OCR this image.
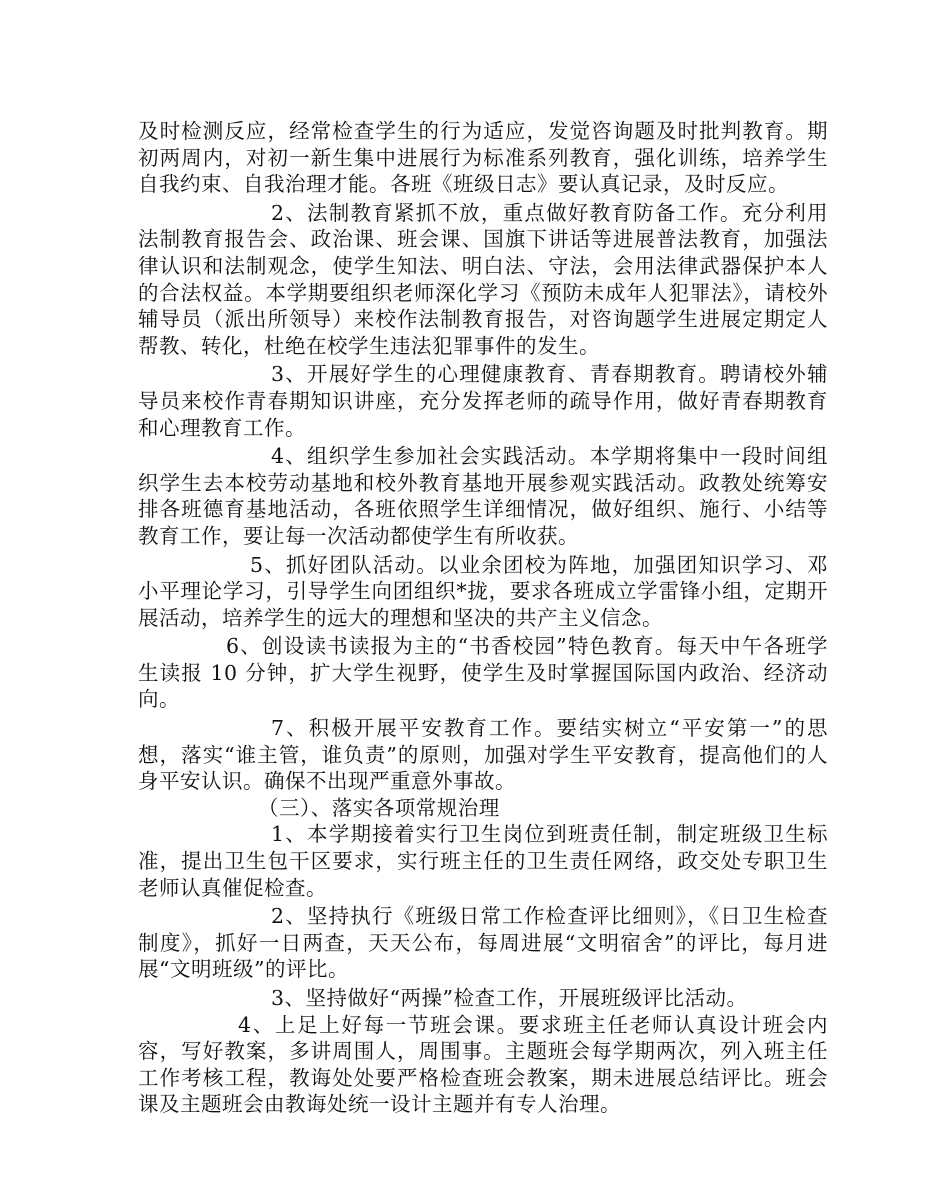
及时检测反应，经常检查学生的行为适应，发觉咨询题及时批判教育。期初两周内，对初一新生集中进展行为标准系列教育，强化训练，培养学生自我约束、自我治理才能。各班《班级日志》要认真记录，及时反应。

2、法制教育紧抓不放，重点做好教育防备工作。充分利用法制教育报告会、政治课、班会课、国旗下讲话等进展普法教育，加强法律认识和法制观念，使学生知法、明白法、守法，会用法律武器保护本人的合法权益。本学期要组织老师深化学习《预防未成年人犯罪法》，请校外辅导员（派出所领导）来校作法制教育报告，对咨询题学生进展定期定人帮教、转化，杜绝在校学生违法犯罪事件的发生。

3、开展好学生的心理健康教育、青春期教育。聘请校外辅导员来校作青春期知识讲座，充分发挥老师的疏导作用，做好青春期教育和心理教育工作。

4、组织学生参加社会实践活动。本学期将集中一段时间组织学生去本校劳动基地和校外教育基地开展参观实践活动。政教处统筹安排各班德育基地活动，各班依照学生详细情况，做好组织、施行、小结等教育工作，要让每一次活动都使学生有所收获。

5、抓好团队活动。以业余团校为阵地，加强团知识学习、邓小平理论学习，引导学生向团组织*拢，要求各班成立学雷锋小组，定期开展活动，培养学生的远大的理想和坚决的共产主义信念。

6、创设读书读报为主的“书香校园”特色教育。每天中午各班学生读报 10 分钟，扩大学生视野，使学生及时掌握国际国内政治、经济动向。

7、积极开展平安教育工作。要结实树立“平安第一”的思想，落实“谁主管，谁负责”的原则，加强对学生平安教育，提高他们的人身平安认识。确保不出现严重意外事故。

（三）、落实各项常规治理

1、本学期接着实行卫生岗位到班责任制，制定班级卫生标准，提出卫生包干区要求，实行班主任的卫生责任网络，政交处专职卫生老师认真催促检查。

2、坚持执行《班级日常工作检查评比细则》，《日卫生检查制度》，抓好一日两查，天天公布，每周进展“文明宿舍”的评比，每月进展“文明班级”的评比。

3、坚持做好“两操”检查工作，开展班级评比活动。

4、上足上好每一节班会课。要求班主任老师认真设计班会内容，写好教案，多讲周围人，周围事。主题班会每学期两次，列入班主任工作考核工程，教诲处处要严格检查班会教案，期未进展总结评比。班会课及主题班会由教诲处统一设计主题并有专人治理。
